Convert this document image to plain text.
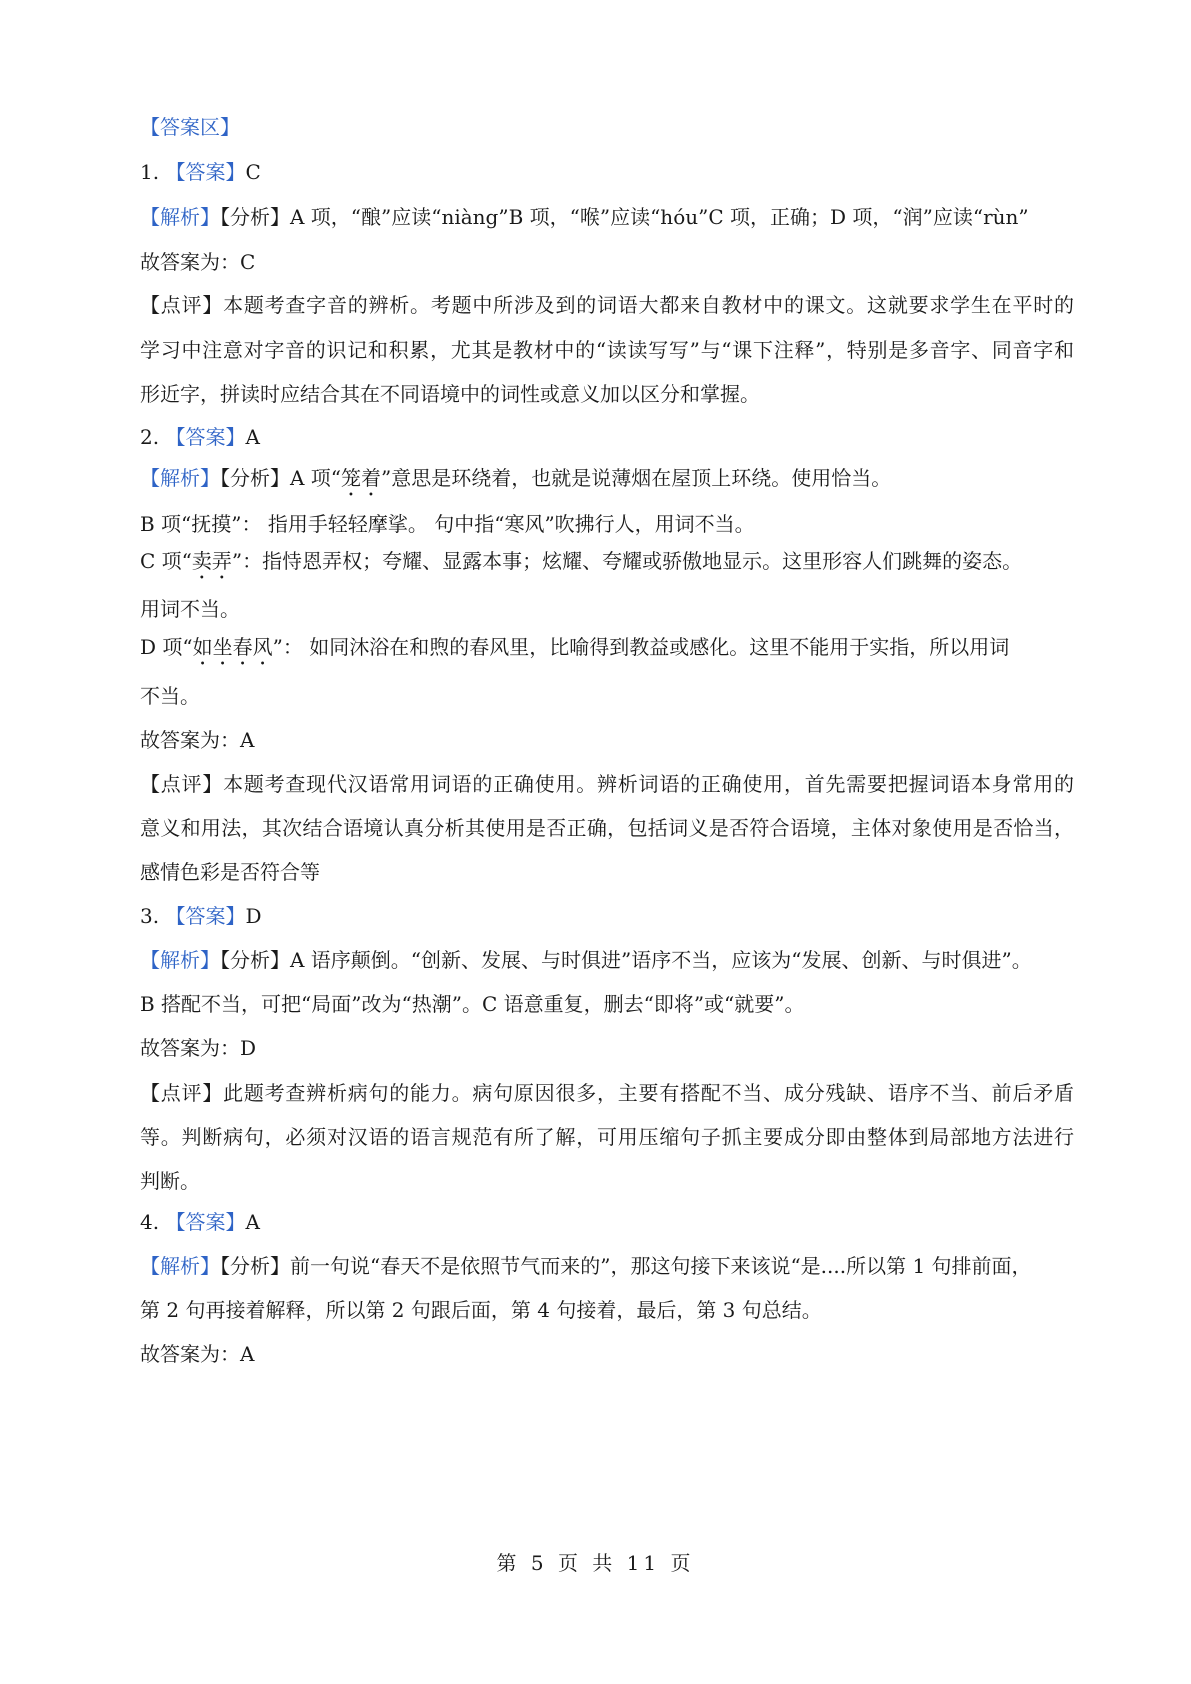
【答案区】
1. 【答案】C
【解析】【分析】A 项，“酿”应读“niàng”B 项，“喉”应读“hóu”C 项，正确；D 项，“润”应读“rùn”
故答案为：C
【点评】本题考查字音的辨析。考题中所涉及到的词语大都来自教材中的课文。这就要求学生在平时的
学习中注意对字音的识记和积累，尤其是教材中的“读读写写”与“课下注释”，特别是多音字、同音字和
形近字，拼读时应结合其在不同语境中的词性或意义加以区分和掌握。
2. 【答案】A
【解析】【分析】A 项“笼着”意思是环绕着，也就是说薄烟在屋顶上环绕。使用恰当。
B 项“抚摸”： 指用手轻轻摩挲。 句中指“寒风”吹拂行人，用词不当。
C 项“卖弄”：指恃恩弄权；夸耀、显露本事；炫耀、夸耀或骄傲地显示。这里形容人们跳舞的姿态。
用词不当。
D 项“如坐春风”： 如同沐浴在和煦的春风里，比喻得到教益或感化。这里不能用于实指，所以用词
不当。
故答案为：A
【点评】本题考查现代汉语常用词语的正确使用。辨析词语的正确使用，首先需要把握词语本身常用的
意义和用法，其次结合语境认真分析其使用是否正确，包括词义是否符合语境，主体对象使用是否恰当，
感情色彩是否符合等
3. 【答案】D
【解析】【分析】A 语序颠倒。“创新、发展、与时俱进”语序不当，应该为“发展、创新、与时俱进”。
B 搭配不当，可把“局面”改为“热潮”。C 语意重复，删去“即将”或“就要”。
故答案为：D
【点评】此题考查辨析病句的能力。病句原因很多，主要有搭配不当、成分残缺、语序不当、前后矛盾
等。判断病句，必须对汉语的语言规范有所了解，可用压缩句子抓主要成分即由整体到局部地方法进行
判断。
4. 【答案】A
【解析】【分析】前一句说“春天不是依照节气而来的”，那这句接下来该说“是....所以第 1 句排前面，
第 2 句再接着解释，所以第 2 句跟后面，第 4 句接着，最后，第 3 句总结。
故答案为：A
第 5 页 共 11 页
